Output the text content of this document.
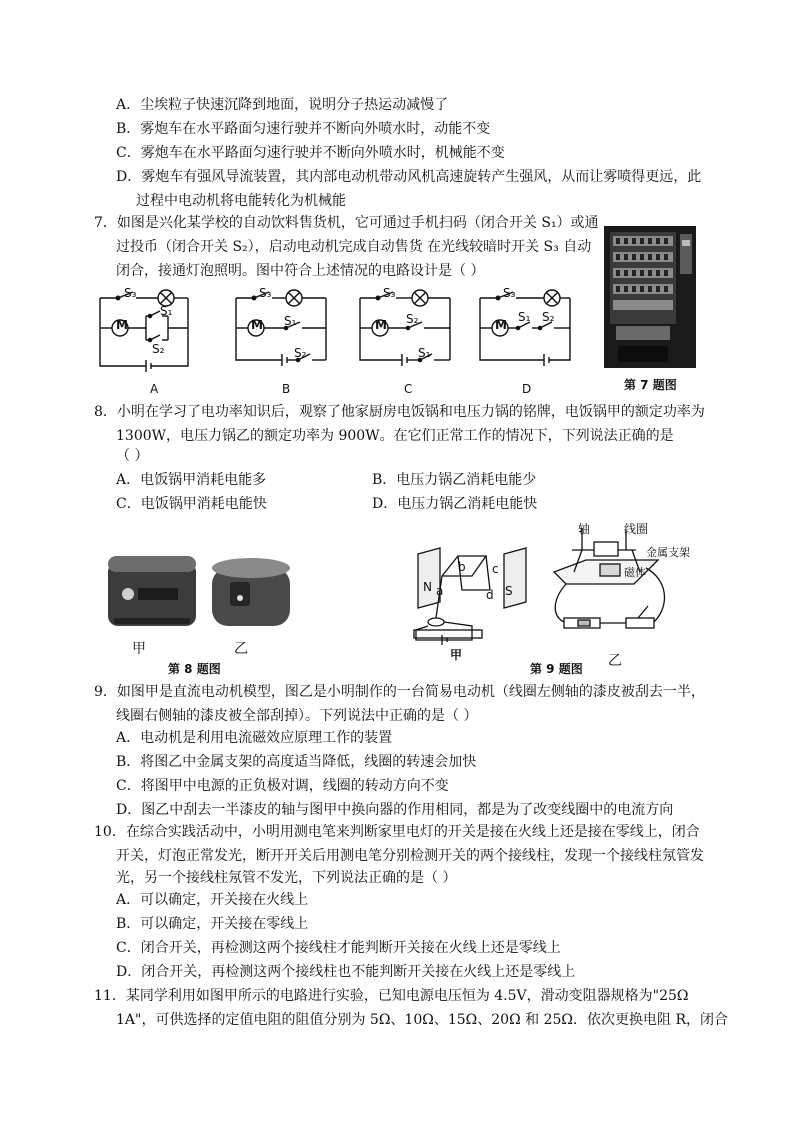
A．尘埃粒子快速沉降到地面，说明分子热运动减慢了
B．雾炮车在水平路面匀速行驶并不断向外喷水时，动能不变
C．雾炮车在水平路面匀速行驶并不断向外喷水时，机械能不变
D．雾炮车有强风导流装置，其内部电动机带动风机高速旋转产生强风，从而让雾喷得更远，此
过程中电动机将电能转化为机械能
7．如图是兴化某学校的自动饮料售货机，它可通过手机扫码（闭合开关 S₁）或通
过投币（闭合开关 S₂），启动电动机完成自动售货 在光线较暗时开关 S₃ 自动
闭合，接通灯泡照明。图中符合上述情况的电路设计是（ ）
M
S₃
S₁
S₂
A
M
S₃
S₁
S₂
B
M
S₃
S₂
S₁
C
M
S₃
S₁ S₂
D	第 7 题图
8．小明在学习了电功率知识后，观察了他家厨房电饭锅和电压力锅的铭牌，电饭锅甲的额定功率为
1300W，电压力锅乙的额定功率为 900W。在它们正常工作的情况下，下列说法正确的是
（ ）
A．电饭锅甲消耗电能多	B．电压力锅乙消耗电能少
C．电饭锅甲消耗电能快	D．电压力锅乙消耗电能快
甲	乙
第 8 题图
N	S
a
b c
d
甲
轴	线圈
金属支架
磁体
乙
第 9 题图
9．如图甲是直流电动机模型，图乙是小明制作的一台简易电动机（线圈左侧轴的漆皮被刮去一半，
线圈右侧轴的漆皮被全部刮掉）。下列说法中正确的是（ ）
A．电动机是利用电流磁效应原理工作的装置
B．将图乙中金属支架的高度适当降低，线圈的转速会加快
C．将图甲中电源的正负极对调，线圈的转动方向不变
D．图乙中刮去一半漆皮的轴与图甲中换向器的作用相同，都是为了改变线圈中的电流方向
10．在综合实践活动中，小明用测电笔来判断家里电灯的开关是接在火线上还是接在零线上，闭合
开关，灯泡正常发光，断开开关后用测电笔分别检测开关的两个接线柱，发现一个接线柱氖管发
光，另一个接线柱氖管不发光，下列说法正确的是（ ）
A．可以确定，开关接在火线上
B．可以确定，开关接在零线上
C．闭合开关，再检测这两个接线柱才能判断开关接在火线上还是零线上
D．闭合开关，再检测这两个接线柱也不能判断开关接在火线上还是零线上
11．某同学利用如图甲所示的电路进行实验，已知电源电压恒为 4.5V，滑动变阻器规格为"25Ω
1A"，可供选择的定值电阻的阻值分别为 5Ω、10Ω、15Ω、20Ω 和 25Ω．依次更换电阻 R，闭合
